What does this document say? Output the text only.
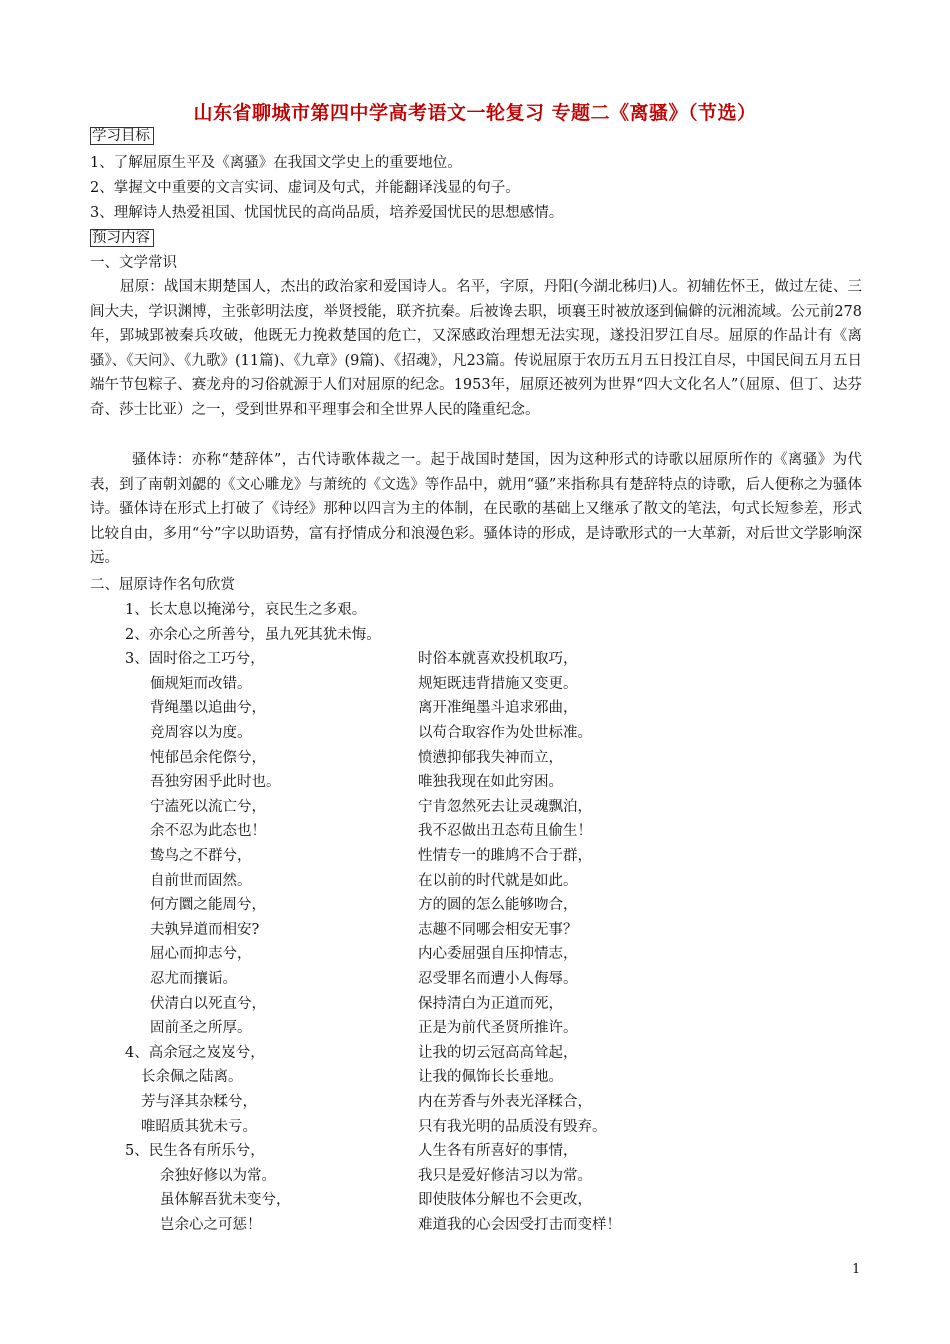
山东省聊城市第四中学高考语文一轮复习 专题二《离骚》（节选）
学习目标
1、了解屈原生平及《离骚》在我国文学史上的重要地位。
2、掌握文中重要的文言实词、虚词及句式，并能翻译浅显的句子。
3、理解诗人热爱祖国、忧国忧民的高尚品质，培养爱国忧民的思想感情。
预习内容
一、文学常识
屈原：战国末期楚国人，杰出的政治家和爱国诗人。名平，字原，丹阳(今湖北秭归)人。初辅佐怀王，做过左徒、三闾大夫，学识渊博，主张彰明法度，举贤授能，联齐抗秦。后被谗去职，顷襄王时被放逐到偏僻的沅湘流域。公元前278年，郢城郢被秦兵攻破，他既无力挽救楚国的危亡，又深感政治理想无法实现，遂投汨罗江自尽。屈原的作品计有《离骚》、《天问》、《九歌》(11篇)、《九章》(9篇)、《招魂》，凡23篇。传说屈原于农历五月五日投江自尽，中国民间五月五日端午节包粽子、赛龙舟的习俗就源于人们对屈原的纪念。1953年，屈原还被列为世界“四大文化名人”（屈原、但丁、达芬奇、莎士比亚）之一，受到世界和平理事会和全世界人民的隆重纪念。
骚体诗：亦称“楚辞体”，古代诗歌体裁之一。起于战国时楚国，因为这种形式的诗歌以屈原所作的《离骚》为代表，到了南朝刘勰的《文心雕龙》与萧统的《文选》等作品中，就用“骚”来指称具有楚辞特点的诗歌，后人便称之为骚体诗。骚体诗在形式上打破了《诗经》那种以四言为主的体制，在民歌的基础上又继承了散文的笔法，句式长短参差，形式比较自由，多用“兮”字以助语势，富有抒情成分和浪漫色彩。骚体诗的形成，是诗歌形式的一大革新，对后世文学影响深远。
二、屈原诗作名句欣赏
1、长太息以掩涕兮，哀民生之多艰。
2、亦余心之所善兮，虽九死其犹未悔。
3、固时俗之工巧兮，	时俗本就喜欢投机取巧，
偭规矩而改错。	规矩既违背措施又变更。
背绳墨以追曲兮，	离开准绳墨斗追求邪曲，
竞周容以为度。	以苟合取容作为处世标准。
忳郁邑余侘傺兮，	愤懑抑郁我失神而立，
吾独穷困乎此时也。	唯独我现在如此穷困。
宁溘死以流亡兮，	宁肯忽然死去让灵魂飘泊，
余不忍为此态也！	我不忍做出丑态苟且偷生！
鸷鸟之不群兮，	性情专一的雎鸠不合于群，
自前世而固然。	在以前的时代就是如此。
何方圜之能周兮，	方的圆的怎么能够吻合，
夫孰异道而相安?	志趣不同哪会相安无事？
屈心而抑志兮，	内心委屈强自压抑情志，
忍尤而攘诟。	忍受罪名而遭小人侮辱。
伏清白以死直兮，	保持清白为正道而死，
固前圣之所厚。	正是为前代圣贤所推许。
4、高余冠之岌岌兮，	让我的切云冠高高耸起，
长余佩之陆离。	让我的佩饰长长垂地。
芳与泽其杂糅兮，	内在芳香与外表光泽糅合，
唯昭质其犹未亏。	只有我光明的品质没有毁弃。
5、民生各有所乐兮，	人生各有所喜好的事情，
余独好修以为常。	我只是爱好修洁习以为常。
虽体解吾犹未变兮，	即使肢体分解也不会更改，
岂余心之可惩！	难道我的心会因受打击而变样！
1
